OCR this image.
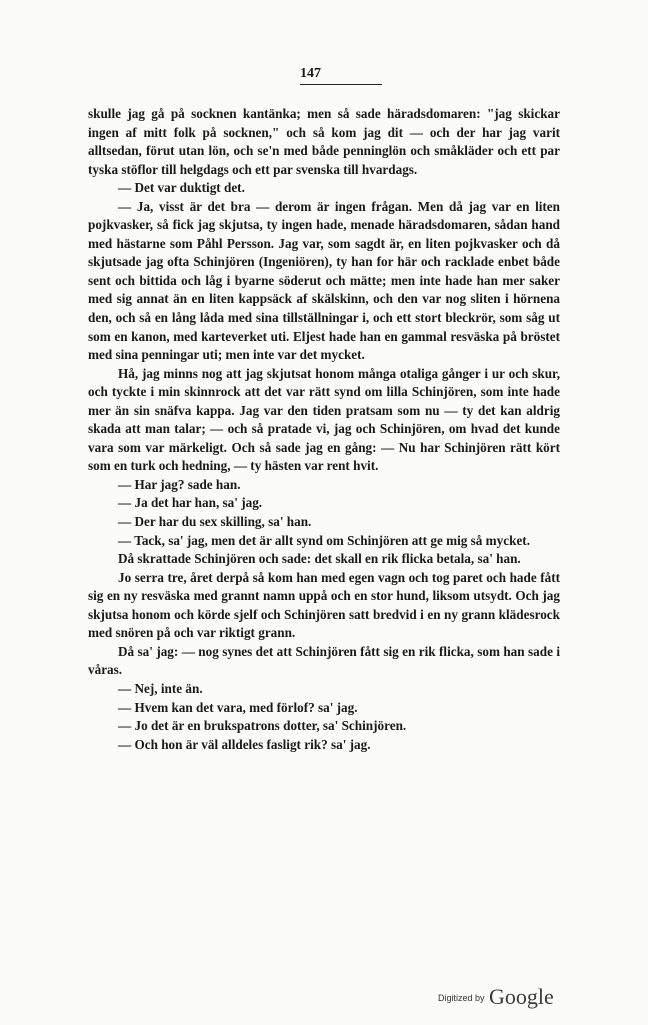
147

skulle jag gå på socknen kantänka; men så sade häradsdomaren: "jag skickar ingen af mitt folk på socknen," och så kom jag dit — och der har jag varit alltsedan, förut utan lön, och se'n med både penninglön och småkläder och ett par tyska stöflor till helgdags och ett par svenska till hvardags.

— Det var duktigt det.

— Ja, visst är det bra — derom är ingen frågan. Men då jag var en liten pojkvasker, så fick jag skjutsa, ty ingen hade, menade häradsdomaren, sådan hand med hästarne som Påhl Persson. Jag var, som sagdt är, en liten pojkvasker och då skjutsade jag ofta Schinjören (Ingeniören), ty han for här och racklade enbet både sent och bittida och låg i byarne söderut och mätte; men inte hade han mer saker med sig annat än en liten kappsäck af skälskinn, och den var nog sliten i hörnena den, och så en lång låda med sina tillställningar i, och ett stort bleckrör, som såg ut som en kanon, med karteverket uti. Eljest hade han en gammal resväska på bröstet med sina penningar uti; men inte var det mycket.

Hå, jag minns nog att jag skjutsat honom många otaliga gånger i ur och skur, och tyckte i min skinnrock att det var rätt synd om lilla Schinjören, som inte hade mer än sin snäfva kappa. Jag var den tiden pratsam som nu — ty det kan aldrig skada att man talar; — och så pratade vi, jag och Schinjören, om hvad det kunde vara som var märkeligt. Och så sade jag en gång: — Nu har Schinjören rätt kört som en turk och hedning, — ty hästen var rent hvit.

— Har jag? sade han.

— Ja det har han, sa' jag.

— Der har du sex skilling, sa' han.

— Tack, sa' jag, men det är allt synd om Schinjören att ge mig så mycket.

Då skrattade Schinjören och sade: det skall en rik flicka betala, sa' han.

Jo serra tre, året derpå så kom han med egen vagn och tog paret och hade fått sig en ny resväska med grannt namn uppå och en stor hund, liksom utsydt. Och jag skjutsa honom och körde sjelf och Schinjören satt bredvid i en ny grann klädesrock med snören på och var riktigt grann.

Då sa' jag: — nog synes det att Schinjören fått sig en rik flicka, som han sade i våras.

— Nej, inte än.

— Hvem kan det vara, med förlof? sa' jag.

— Jo det är en brukspatrons dotter, sa' Schinjören.

— Och hon är väl alldeles fasligt rik? sa' jag.

Digitized by Google
